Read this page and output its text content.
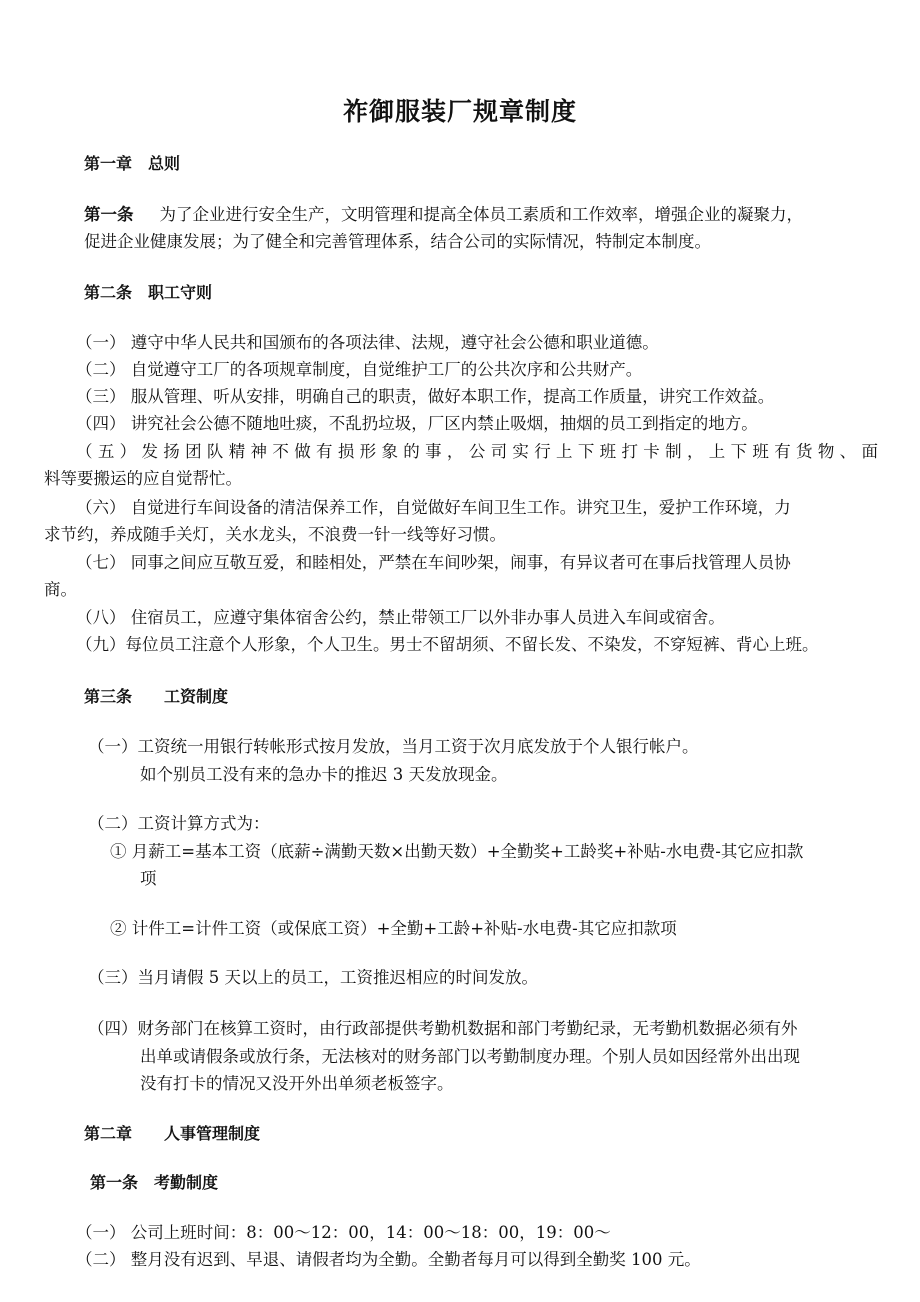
祚御服装厂规章制度
第一章　总则
第一条 为了企业进行安全生产，文明管理和提高全体员工素质和工作效率，增强企业的凝聚力，
促进企业健康发展；为了健全和完善管理体系，结合公司的实际情况，特制定本制度。
第二条　职工守则
（一） 遵守中华人民共和国颁布的各项法律、法规，遵守社会公德和职业道德。
（二） 自觉遵守工厂的各项规章制度，自觉维护工厂的公共次序和公共财产。
（三） 服从管理、听从安排，明确自己的职责，做好本职工作，提高工作质量，讲究工作效益。
（四） 讲究社会公德不随地吐痰，不乱扔垃圾，厂区内禁止吸烟，抽烟的员工到指定的地方。
（五）发扬团队精神不做有损形象的事，公司实行上下班打卡制，上下班有货物、面
料等要搬运的应自觉帮忙。
（六） 自觉进行车间设备的清洁保养工作，自觉做好车间卫生工作。讲究卫生，爱护工作环境，力
求节约，养成随手关灯，关水龙头，不浪费一针一线等好习惯。
（七） 同事之间应互敬互爱，和睦相处，严禁在车间吵架，闹事，有异议者可在事后找管理人员协
商。
（八） 住宿员工，应遵守集体宿舍公约，禁止带领工厂以外非办事人员进入车间或宿舍。
（九）每位员工注意个人形象，个人卫生。男士不留胡须、不留长发、不染发，不穿短裤、背心上班。
第三条　　工资制度
（一）工资统一用银行转帐形式按月发放，当月工资于次月底发放于个人银行帐户。
如个别员工没有来的急办卡的推迟 3 天发放现金。
（二）工资计算方式为：
① 月薪工=基本工资（底薪÷满勤天数×出勤天数）+全勤奖+工龄奖+补贴-水电费-其它应扣款
项
② 计件工=计件工资（或保底工资）+全勤+工龄+补贴-水电费-其它应扣款项
（三）当月请假 5 天以上的员工，工资推迟相应的时间发放。
（四）财务部门在核算工资时，由行政部提供考勤机数据和部门考勤纪录，无考勤机数据必须有外
出单或请假条或放行条，无法核对的财务部门以考勤制度办理。个别人员如因经常外出出现
没有打卡的情况又没开外出单须老板签字。
第二章　　人事管理制度
第一条　考勤制度
（一） 公司上班时间：8：00～12：00，14：00～18：00，19：00～
（二） 整月没有迟到、早退、请假者均为全勤。全勤者每月可以得到全勤奖 100 元。
